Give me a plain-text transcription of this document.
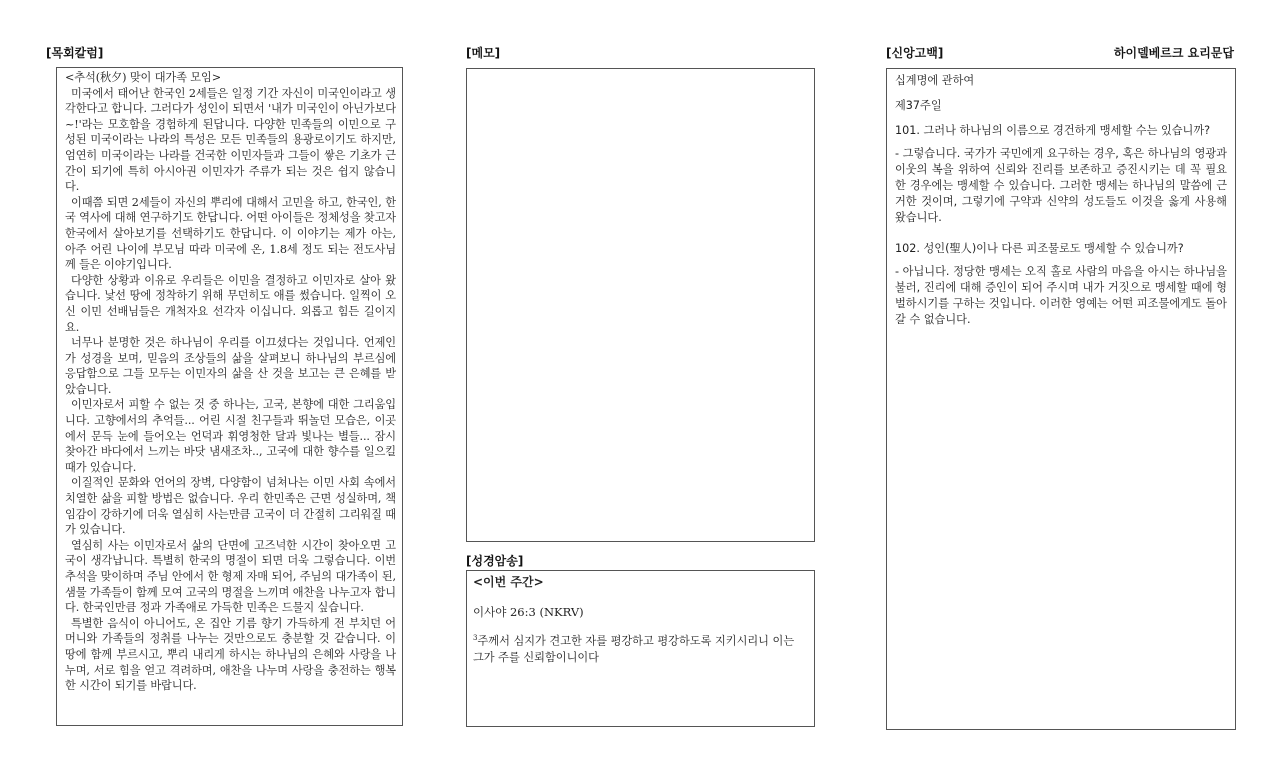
[목회칼럼]	[메모]	[신앙고백]	하이델베르크 요리문답

<추석(秋夕) 맞이 대가족 모임>

미국에서 태어난 한국인 2세들은 일정 기간 자신이 미국인이라고 생각한다고 합니다. 그러다가 성인이 되면서 '내가 미국인이 아닌가보다~!'라는 모호함을 경험하게 된답니다. 다양한 민족들의 이민으로 구성된 미국이라는 나라의 특성은 모든 민족들의 용광로이기도 하지만, 엄연히 미국이라는 나라를 건국한 이민자들과 그들이 쌓은 기초가 근간이 되기에 특히 아시아권 이민자가 주류가 되는 것은 쉽지 않습니다.

이때쯤 되면 2세들이 자신의 뿌리에 대해서 고민을 하고, 한국인, 한국 역사에 대해 연구하기도 한답니다. 어떤 아이들은 정체성을 찾고자 한국에서 살아보기를 선택하기도 한답니다. 이 이야기는 제가 아는, 아주 어린 나이에 부모님 따라 미국에 온, 1.8세 정도 되는 전도사님께 들은 이야기입니다.

다양한 상황과 이유로 우리들은 이민을 결정하고 이민자로 살아 왔습니다. 낯선 땅에 정착하기 위해 무던히도 애를 썼습니다. 일찍이 오신 이민 선배님들은 개척자요 선각자 이십니다. 외롭고 힘든 길이지요.

너무나 분명한 것은 하나님이 우리를 이끄셨다는 것입니다. 언제인가 성경을 보며, 믿음의 조상들의 삶을 살펴보니 하나님의 부르심에 응답함으로 그들 모두는 이민자의 삶을 산 것을 보고는 큰 은혜를 받았습니다.

이민자로서 피할 수 없는 것 중 하나는, 고국, 본향에 대한 그리움입니다. 고향에서의 추억들... 어린 시절 친구들과 뛰놀던 모습은, 이곳에서 문득 눈에 들어오는 언덕과 휘영청한 달과 빛나는 별들... 잠시 찾아간 바다에서 느끼는 바닷 냄새조차.., 고국에 대한 향수를 일으킬 때가 있습니다.

이질적인 문화와 언어의 장벽, 다양함이 넘쳐나는 이민 사회 속에서 치열한 삶을 피할 방법은 없습니다. 우리 한민족은 근면 성실하며, 책임감이 강하기에 더욱 열심히 사는만큼 고국이 더 간절히 그리워질 때가 있습니다.

열심히 사는 이민자로서 삶의 단면에 고즈넉한 시간이 찾아오면 고국이 생각납니다. 특별히 한국의 명절이 되면 더욱 그렇습니다. 이번 추석을 맞이하며 주님 안에서 한 형제 자매 되어, 주님의 대가족이 된, 샘물 가족들이 함께 모여 고국의 명절을 느끼며 애찬을 나누고자 합니다. 한국인만큼 정과 가족애로 가득한 민족은 드물지 싶습니다.

특별한 음식이 아니어도, 온 집안 기름 향기 가득하게 전 부치던 어머니와 가족들의 정취를 나누는 것만으로도 충분할 것 같습니다. 이 땅에 함께 부르시고, 뿌리 내리게 하시는 하나님의 은혜와 사랑을 나누며, 서로 힘을 얻고 격려하며, 애찬을 나누며 사랑을 충전하는 행복한 시간이 되기를 바랍니다.

[성경암송]

<이번 주간>

이사야 26:3 (NKRV)

$^3$주께서 심지가 견고한 자를 평강하고 평강하도록 지키시리니 이는 그가 주를 신뢰함이니이다

십계명에 관하여

제37주일

101. 그러나 하나님의 이름으로 경건하게 맹세할 수는 있습니까?

- 그렇습니다. 국가가 국민에게 요구하는 경우, 혹은 하나님의 영광과 이웃의 복을 위하여 신뢰와 진리를 보존하고 증진시키는 데 꼭 필요한 경우에는 맹세할 수 있습니다. 그러한 맹세는 하나님의 말씀에 근거한 것이며, 그렇기에 구약과 신약의 성도들도 이것을 옳게 사용해 왔습니다.

102. 성인(聖人)이나 다른 피조물로도 맹세할 수 있습니까?

- 아닙니다. 정당한 맹세는 오직 홀로 사람의 마음을 아시는 하나님을 불러, 진리에 대해 증인이 되어 주시며 내가 거짓으로 맹세할 때에 형벌하시기를 구하는 것입니다. 이러한 영예는 어떤 피조물에게도 돌아갈 수 없습니다.
